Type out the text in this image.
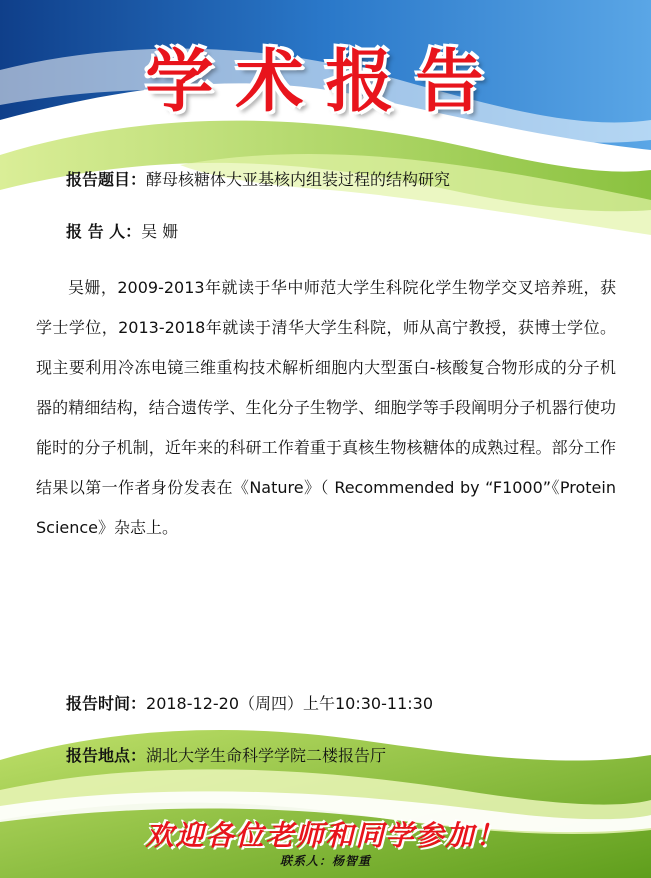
学术报告
报告题目：酵母核糖体大亚基核内组装过程的结构研究
报 告 人：吴 姗
吴姗，2009-2013年就读于华中师范大学生科院化学生物学交叉培养班，获学士学位，2013-2018年就读于清华大学生科院，师从高宁教授，获博士学位。现主要利用冷冻电镜三维重构技术解析细胞内大型蛋白-核酸复合物形成的分子机器的精细结构，结合遗传学、生化分子生物学、细胞学等手段阐明分子机器行使功能时的分子机制，近年来的科研工作着重于真核生物核糖体的成熟过程。部分工作结果以第一作者身份发表在《Nature》（ Recommended by “F1000”《Protein Science》杂志上。
报告时间：2018-12-20（周四）上午10:30-11:30
报告地点：湖北大学生命科学学院二楼报告厅
欢迎各位老师和同学参加！
联系人：杨智重
